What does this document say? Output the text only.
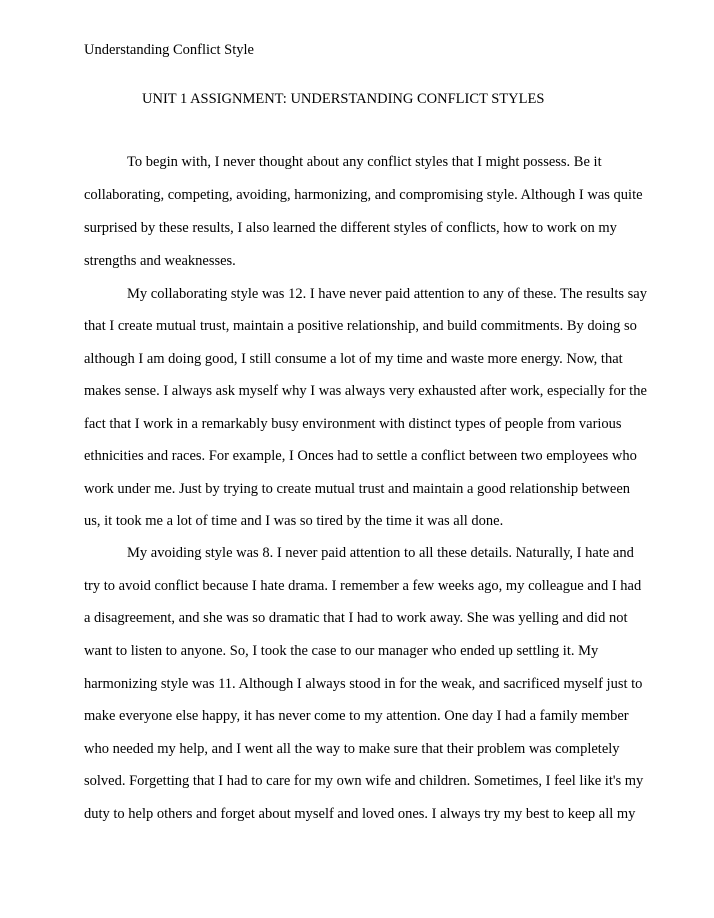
Understanding Conflict Style
UNIT 1 ASSIGNMENT: UNDERSTANDING CONFLICT STYLES
To begin with, I never thought about any conflict styles that I might possess. Be it
collaborating, competing, avoiding, harmonizing, and compromising style. Although I was quite
surprised by these results, I also learned the different styles of conflicts, how to work on my
strengths and weaknesses.
My collaborating style was 12. I have never paid attention to any of these. The results say
that I create mutual trust, maintain a positive relationship, and build commitments. By doing so
although I am doing good, I still consume a lot of my time and waste more energy. Now, that
makes sense. I always ask myself why I was always very exhausted after work, especially for the
fact that I work in a remarkably busy environment with distinct types of people from various
ethnicities and races. For example, I Onces had to settle a conflict between two employees who
work under me. Just by trying to create mutual trust and maintain a good relationship between
us, it took me a lot of time and I was so tired by the time it was all done.
My avoiding style was 8. I never paid attention to all these details. Naturally, I hate and
try to avoid conflict because I hate drama. I remember a few weeks ago, my colleague and I had
a disagreement, and she was so dramatic that I had to work away. She was yelling and did not
want to listen to anyone. So, I took the case to our manager who ended up settling it. My
harmonizing style was 11. Although I always stood in for the weak, and sacrificed myself just to
make everyone else happy, it has never come to my attention. One day I had a family member
who needed my help, and I went all the way to make sure that their problem was completely
solved. Forgetting that I had to care for my own wife and children. Sometimes, I feel like it's my
duty to help others and forget about myself and loved ones. I always try my best to keep all my
